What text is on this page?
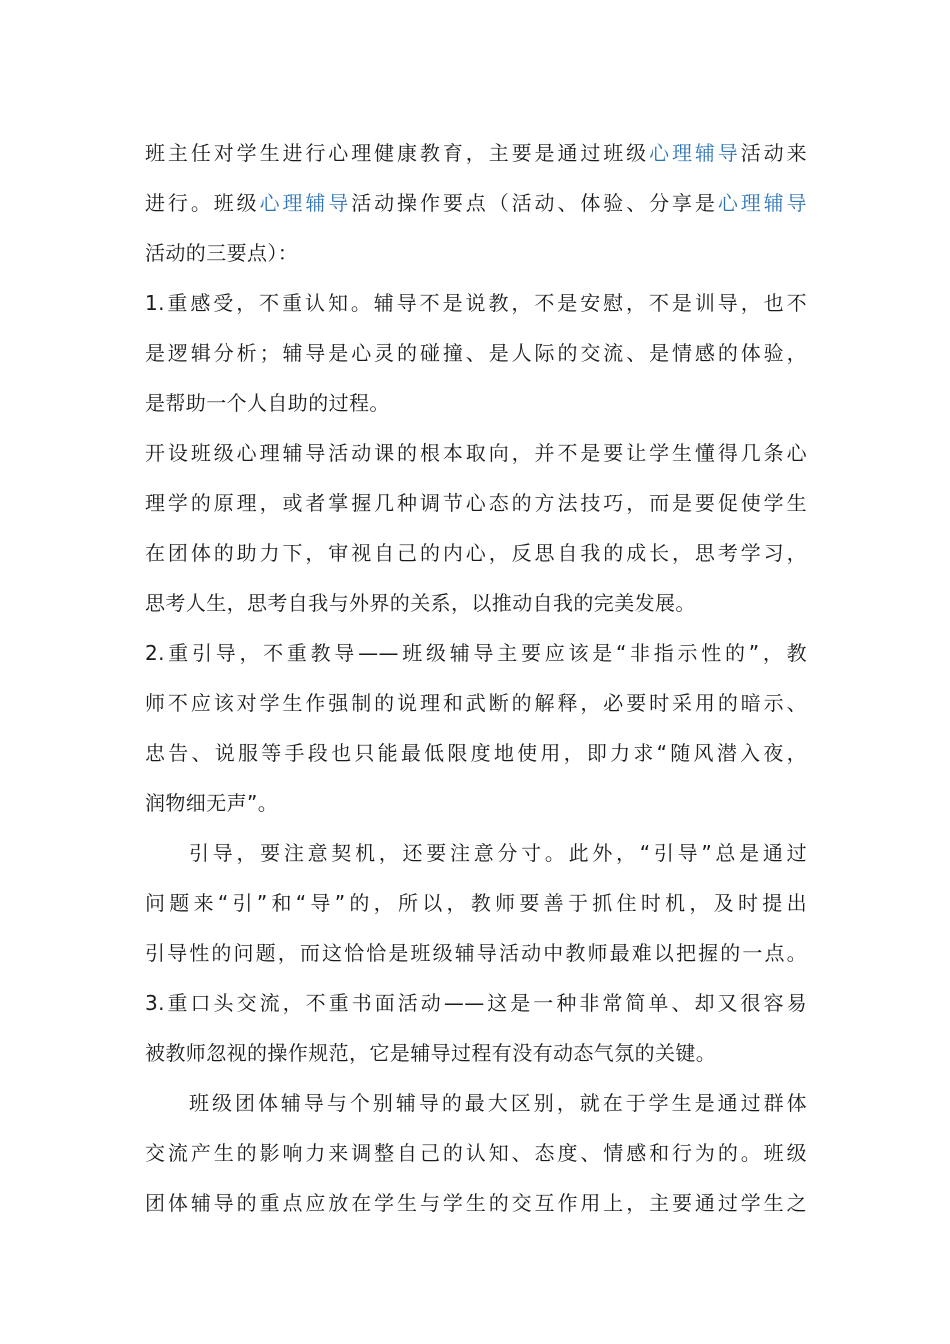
班主任对学生进行心理健康教育，主要是通过班级心理辅导活动来
进行。班级心理辅导活动操作要点（活动、体验、分享是心理辅导
活动的三要点）：
1.重感受，不重认知。辅导不是说教，不是安慰，不是训导，也不
是逻辑分析；辅导是心灵的碰撞、是人际的交流、是情感的体验，
是帮助一个人自助的过程。
开设班级心理辅导活动课的根本取向，并不是要让学生懂得几条心
理学的原理，或者掌握几种调节心态的方法技巧，而是要促使学生
在团体的助力下，审视自己的内心，反思自我的成长，思考学习，
思考人生，思考自我与外界的关系，以推动自我的完美发展。
2.重引导，不重教导——班级辅导主要应该是“非指示性的”，教
师不应该对学生作强制的说理和武断的解释，必要时采用的暗示、
忠告、说服等手段也只能最低限度地使用，即力求“随风潜入夜，
润物细无声”。
引导，要注意契机，还要注意分寸。此外，“引导”总是通过
问题来“引”和“导”的，所以，教师要善于抓住时机，及时提出
引导性的问题，而这恰恰是班级辅导活动中教师最难以把握的一点。
3.重口头交流，不重书面活动——这是一种非常简单、却又很容易
被教师忽视的操作规范，它是辅导过程有没有动态气氛的关键。
班级团体辅导与个别辅导的最大区别，就在于学生是通过群体
交流产生的影响力来调整自己的认知、态度、情感和行为的。班级
团体辅导的重点应放在学生与学生的交互作用上，主要通过学生之
